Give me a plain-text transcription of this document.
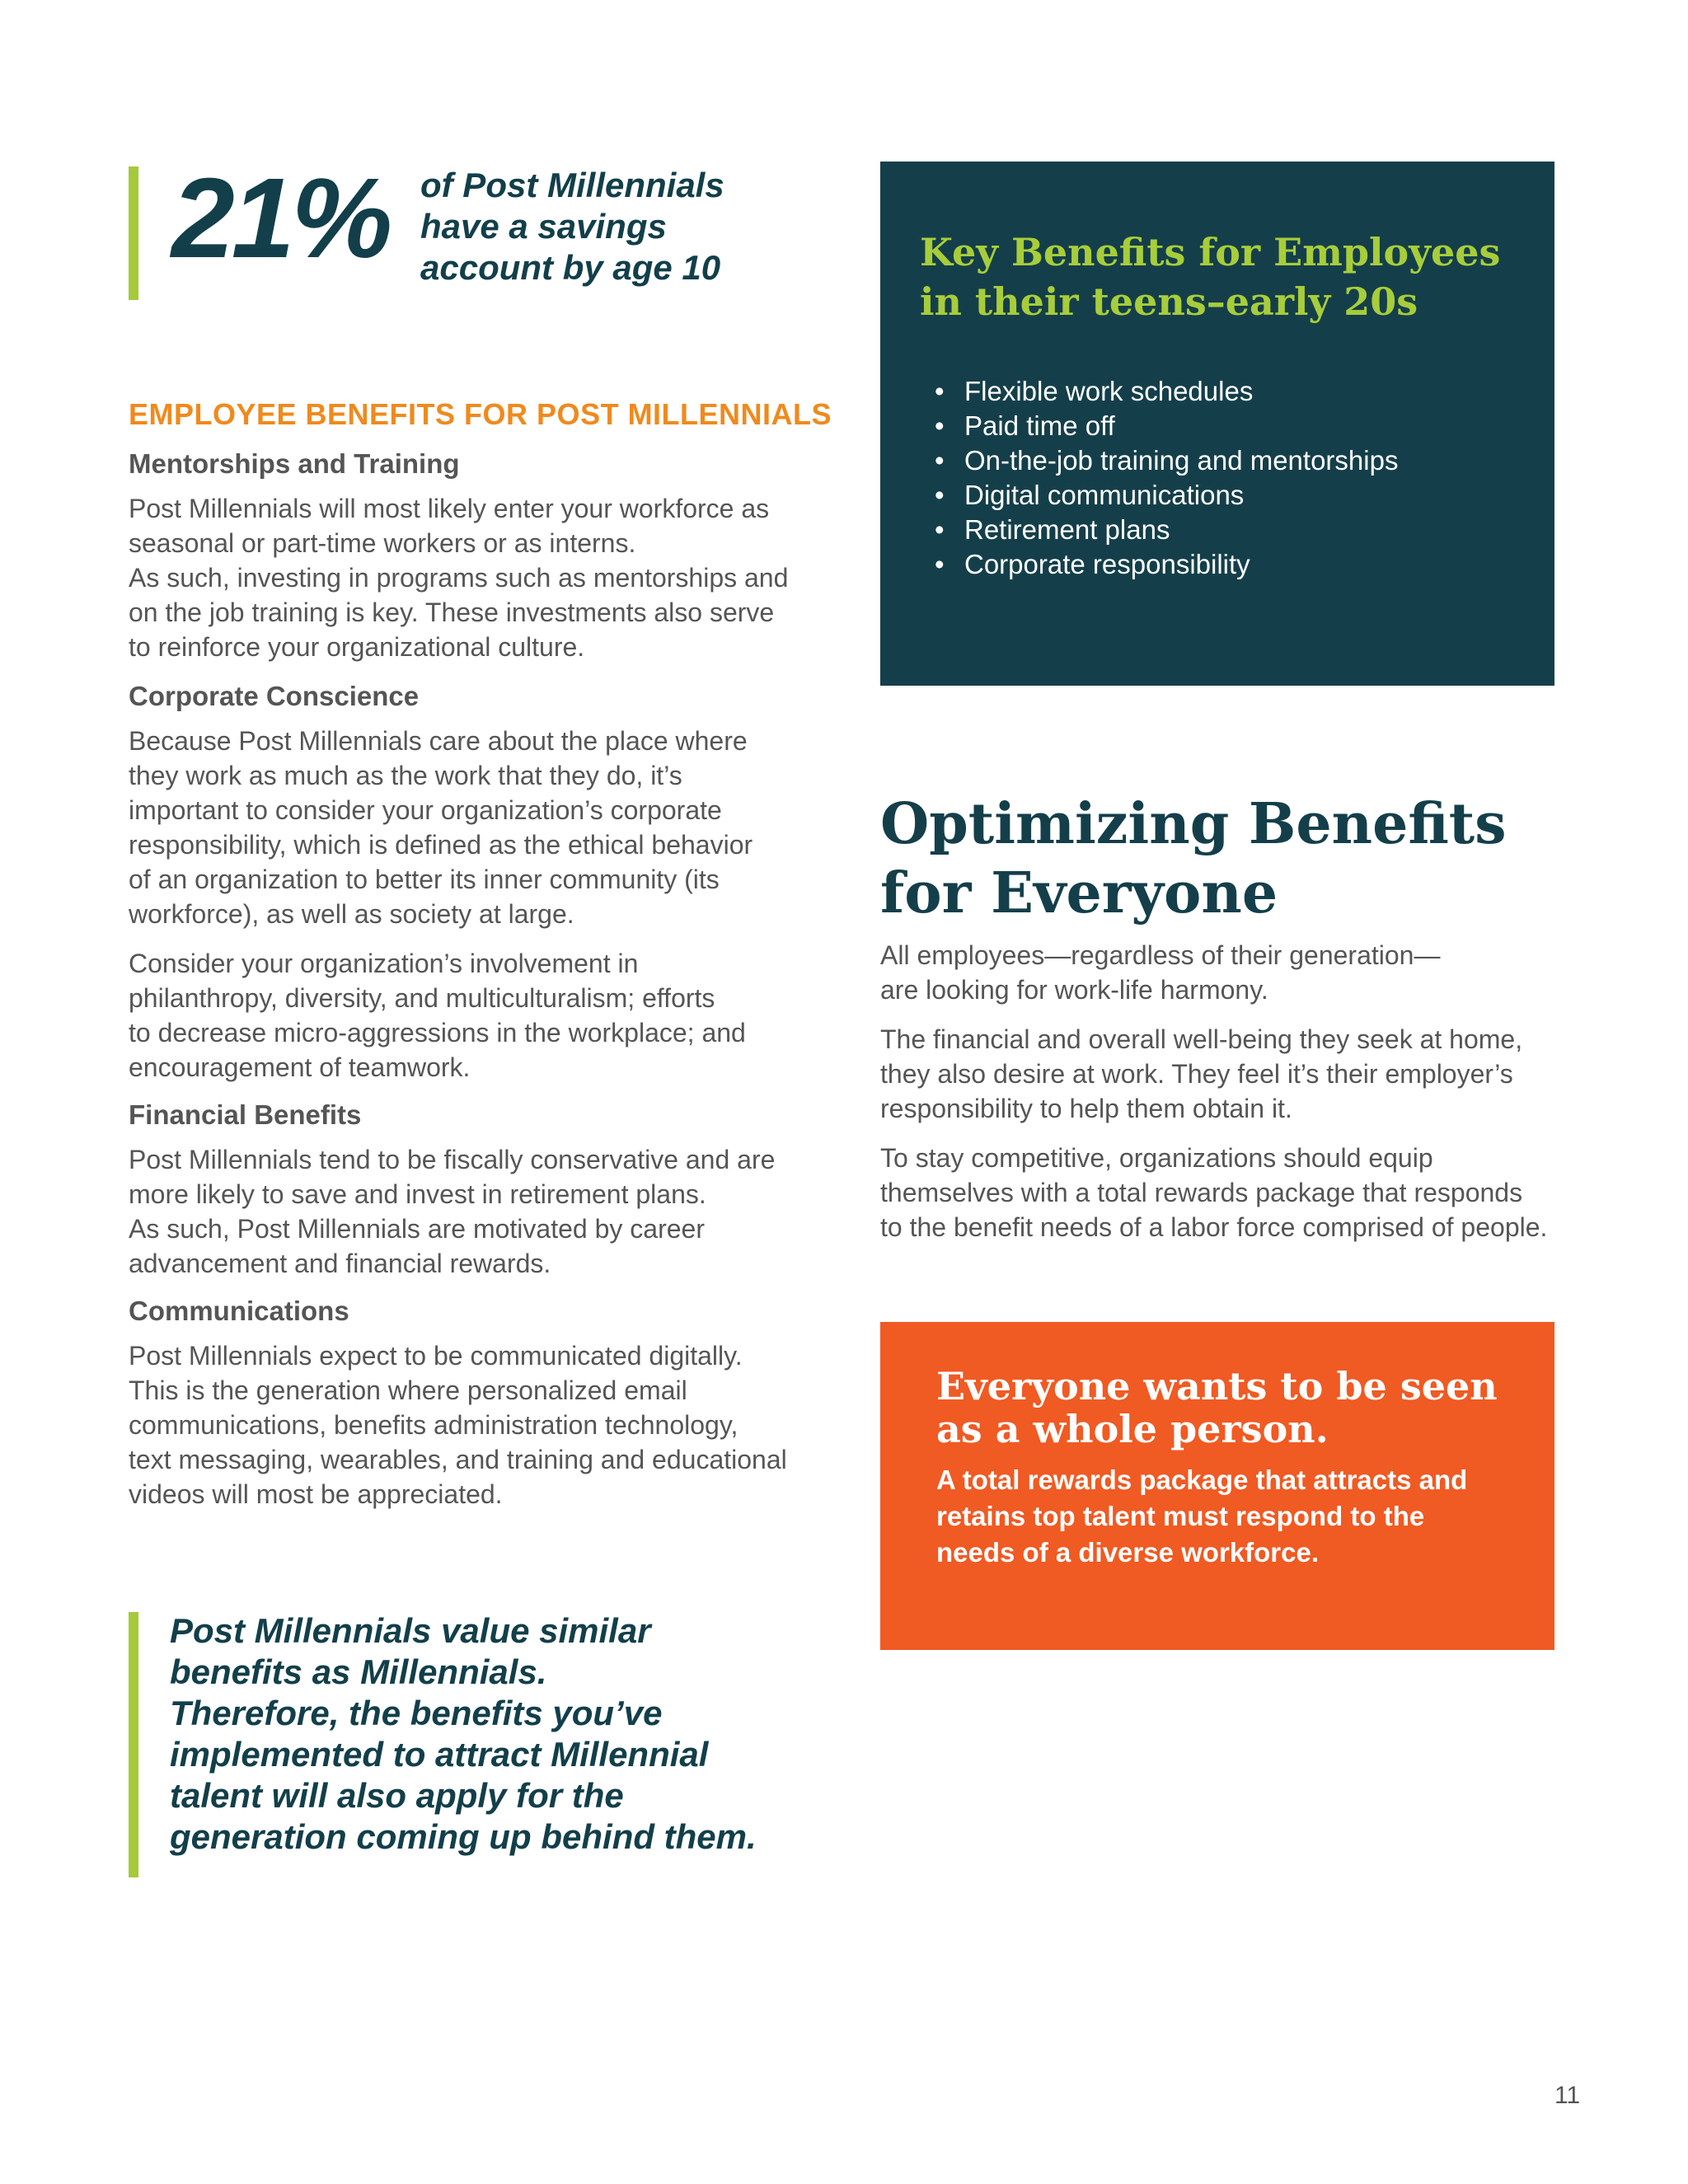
21% of Post Millennials
have a savings
account by age 10
EMPLOYEE BENEFITS FOR POST MILLENNIALS
Mentorships and Training
Post Millennials will most likely enter your workforce as
seasonal or part-time workers or as interns.
As such, investing in programs such as mentorships and
on the job training is key. These investments also serve
to reinforce your organizational culture.
Corporate Conscience
Because Post Millennials care about the place where
they work as much as the work that they do, it’s
important to consider your organization’s corporate
responsibility, which is defined as the ethical behavior
of an organization to better its inner community (its
workforce), as well as society at large.
Consider your organization’s involvement in
philanthropy, diversity, and multiculturalism; efforts
to decrease micro-aggressions in the workplace; and
encouragement of teamwork.
Financial Benefits
Post Millennials tend to be fiscally conservative and are
more likely to save and invest in retirement plans.
As such, Post Millennials are motivated by career
advancement and financial rewards.
Communications
Post Millennials expect to be communicated digitally.
This is the generation where personalized email
communications, benefits administration technology,
text messaging, wearables, and training and educational
videos will most be appreciated.
Key Benefits for Employees
in their teens–early 20s
• Flexible work schedules
• Paid time off
• On-the-job training and mentorships
• Digital communications
• Retirement plans
• Corporate responsibility
Optimizing Benefits
for Everyone
All employees—regardless of their generation—
are looking for work-life harmony.
The financial and overall well-being they seek at home,
they also desire at work. They feel it’s their employer’s
responsibility to help them obtain it.
To stay competitive, organizations should equip
themselves with a total rewards package that responds
to the benefit needs of a labor force comprised of people.
Everyone wants to be seen
as a whole person.
A total rewards package that attracts and
retains top talent must respond to the
needs of a diverse workforce.
Post Millennials value similar
benefits as Millennials.
Therefore, the benefits you’ve
implemented to attract Millennial
talent will also apply for the
generation coming up behind them.
11
